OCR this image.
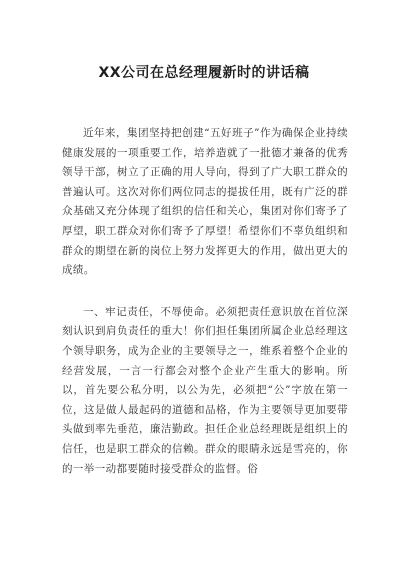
XX公司在总经理履新时的讲话稿

近年来，集团坚持把创建“五好班子”作为确保企业持续健康发展的一项重要工作，培养造就了一批德才兼备的优秀领导干部，树立了正确的用人导向，得到了广大职工群众的普遍认可。这次对你们两位同志的提拔任用，既有广泛的群众基础又充分体现了组织的信任和关心，集团对你们寄予了厚望，职工群众对你们寄予了厚望！希望你们不辜负组织和群众的期望在新的岗位上努力发挥更大的作用，做出更大的成绩。

一、牢记责任，不辱使命。必须把责任意识放在首位深刻认识到肩负责任的重大！你们担任集团所属企业总经理这个领导职务，成为企业的主要领导之一，维系着整个企业的经营发展，一言一行都会对整个企业产生重大的影响。所以，首先要公私分明，以公为先，必须把“公”字放在第一位，这是做人最起码的道德和品格，作为主要领导更加要带头做到率先垂范，廉洁勤政。担任企业总经理既是组织上的信任，也是职工群众的信赖。群众的眼睛永远是雪亮的，你的一举一动都要随时接受群众的监督。俗
